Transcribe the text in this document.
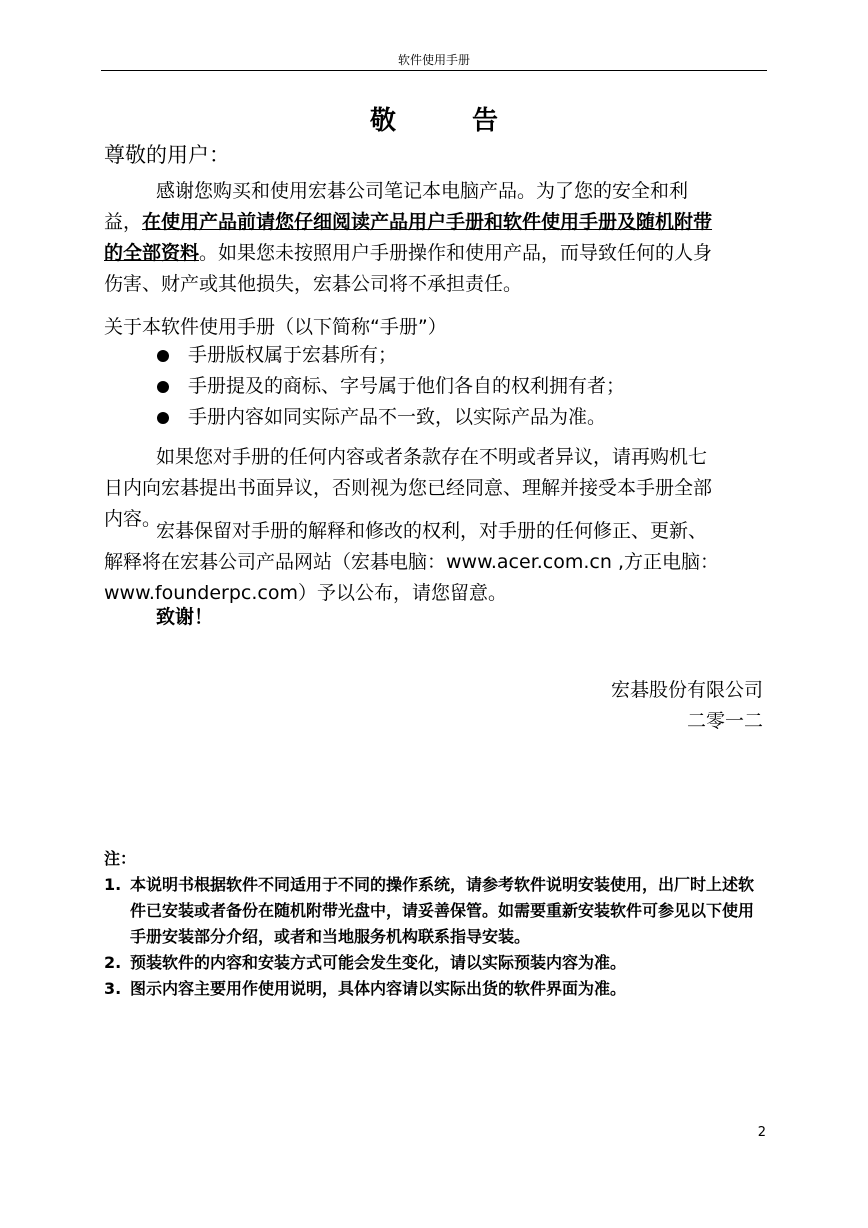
软件使用手册
敬	告
尊敬的用户：
感谢您购买和使用宏碁公司笔记本电脑产品。为了您的安全和利
益，在使用产品前请您仔细阅读产品用户手册和软件使用手册及随机附带
的全部资料。如果您未按照用户手册操作和使用产品，而导致任何的人身
伤害、财产或其他损失，宏碁公司将不承担责任。
关于本软件使用手册（以下简称“手册”）
手册版权属于宏碁所有；
手册提及的商标、字号属于他们各自的权利拥有者；
手册内容如同实际产品不一致，以实际产品为准。
如果您对手册的任何内容或者条款存在不明或者异议，请再购机七
日内向宏碁提出书面异议，否则视为您已经同意、理解并接受本手册全部
内容。
宏碁保留对手册的解释和修改的权利，对手册的任何修正、更新、
解释将在宏碁公司产品网站（宏碁电脑：www.acer.com.cn ,方正电脑：
www.founderpc.com）予以公布，请您留意。
致谢！
宏碁股份有限公司
二零一二
注：
1. 本说明书根据软件不同适用于不同的操作系统，请参考软件说明安装使用，出厂时上述软件已安装或者备份在随机附带光盘中，请妥善保管。如需要重新安装软件可参见以下使用手册安装部分介绍，或者和当地服务机构联系指导安装。
2. 预装软件的内容和安装方式可能会发生变化，请以实际预装内容为准。
3. 图示内容主要用作使用说明，具体内容请以实际出货的软件界面为准。
2
